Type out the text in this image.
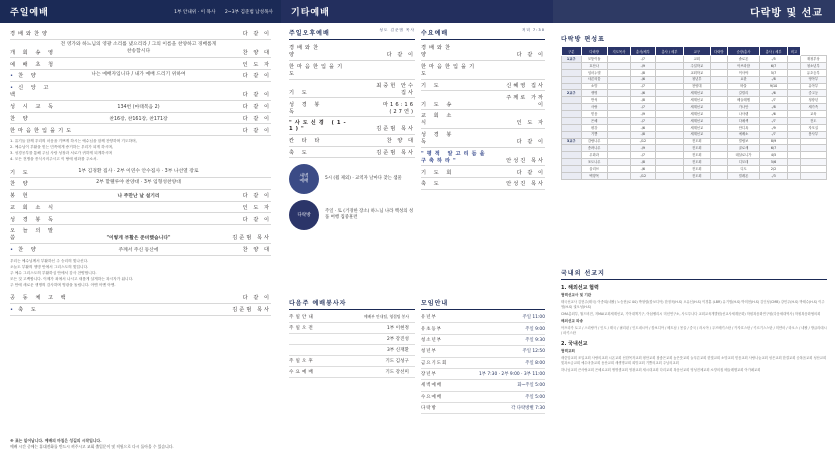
주일예배	1부 안내위 · 이 목사 2~3부 김준범 남성목사
경배와찬양	다 같 이
개 회 송 영
전 영가와 하느님의 영광 소리를 냈으리라 / 그의 이름을 찬양하고 경배롭게 찬송합시다	찬 양 대
예 배 초 청	인 도 자
• 찬 양	나는 예배자입니다 / 내가 예배 드리기 위하여	다 같 이
• 신 앙 고 백	다 같 이
성 시 교 독	134번 (마태복음 2)	다 같 이
찬 양	찬16장, 찬161장, 찬171장	다 같 이
한마음한입을기도	다 같 이
1. 유기들 함께 우리의 마음을 기쁘게 하시는 예수님을 함께 찬양하며 기도하며,
2. 예수님이 부활을 믿는 민족에게 증거하는 우리가 되게 하시며,
3. 성경공부를 통해 주님 사랑 성장과 서로가 귀하게 되게하시며
4. 모든 전쟁을 종식시켜주시고 이 땅에 평화를 주소서.
기 도	1부 김경환 집사 · 2부 이연수 안수집사 · 3부 나선열 장로
찬 양	2부 할렐루야 찬양대 · 3부 임형성찬양대
봉 헌	나 주만난 날 설기리	다 같 이
교 회 소 식	인 도 자
성 경 봉 독	다 같 이
오 늘 의 말 씀	"이렇게 부활은 준비했습니다"	김준범 목사
• 찬 양	주께서 주신 동산에	찬 양 대
우리는 예수님께서 부활하신 주 승리의 빛나신다.
오늘도 부활의 생명 안에서 그리스도의 빛입니다.
주 예수 그리스도의 부활하심 안에서 감사 찬양합니다.
모든 것 고백합니다. 이제가 죄에서 나시고 새롭게 살게하는 복시자가 됩니다.
주 안에 새로운 생명의 감사하며 영광을 돌립니다. 아멘 아멘 아멘.
공 동 체 고 백	다 같 이
• 축 도	김준범 목사
※ 표는 일어납니다. 예배의 마침은 성길의 시작입니다.
예배 시간 중에는 휴대전화를 반드시 꺼주시고 교회 출입문이 및 직원으로 다시 돌아올 수 있습니다.
기타예배
주일오후예배	성도 김준범 목사
경배와찬양	다 같 이
한마음한입을기도
기 도
최중헌 안수집사
성 경 봉 독
마16:16 (27연)
"사도신경 (1-1)"	김준범 목사
칸 타 타	찬 양 대
축 도	김준범 목사
새벽
예배
5시 (월 제외) · 교역자 날마다 찾는 샘물
다락방
주일 · 토 (거경한 장소) 하느님 나라 백성의 성품 여행 집중훈련
수요예배	저녁 7:30
경배와찬양	다 같 이
한마음한입을기도
기 도	신혜영 집사
기 도 송
주께로 가까이
교 회 소 식	인 도 자
성 경 봉 독	다 같 이
"평적 알고리듬을 구축하라"	안성진 목사
기 도 회	다 같 이
축 도	안성진 목사
다음주 예배봉사자
주일안내	예배부 안내팀, 영접팀 봉사
주일오전	1부 이현정
2부 강진성
3부 신재환
주일오후	기도 김성구
수요예배	기도 강선미
모임안내
유년부	주일 11:00
유초등부	주일 9:00
청소년부	주일 9:30
청년부	주일 12:50
금요기도회	주일 8:00
장년부	1부 7:30 · 2부 9:00 · 3부 11:00
세벽예배	화~주일 5:00
수요예배	주일 5:00
다락방	각 다락방별 7:30
다락방 및 선교
다락방 편성표
구분	다락방	지도목사	총사/세부	총사 / 세부	교구	다락방	순장/총사	총사 / 세부	비고	
1교구	모퉁이돌		-/7		교회		솔로몬	-/5		재청부상
	호산나		-/9		주일학교		아브라함	6/7		청소년부
	임마누엘		-/8		교회학교		이사야	5/7		유초등부
	샤론의꽃		-/6		청년부		요한	-/8		영아부
	소망		-/7		찬양대		바울	9/10		유아부
2교구	생명		-/6		세계선교		갈릴리	-/6		중고등
	반석		-/8		세계선교		베들레헴	-/7		청장년
	사랑		-/7		세계선교		가나안	-/8		새가족
	믿음		-/9		세계선교		나사렛	-/6		교육
	은혜		-/7		세계선교		다메섹	-/7		전도
	평강		-/6		세계선교		안디옥	-/9		자모실
	기쁨		-/8		세계선교		에베소	-/7		봉사부
3교구	감람나무		-/12		전도회		빌립보	8/9		
	종려나무		-/9		전도회		골로새	6/7		
	무화과		-/7		전도회		데살로니가	4/5		
	포도나무		-/8		전도회		디모데	5/6		
	올리브		-/6		전도회		디도	2/2		
	백향목		-/12		전도회		빌레몬	-/3		
국내외 선교지
1. 해외선교 협력

협력선교사 및 기관

태국선교사 김현주(태국) 아종희(네팔) 노승현(로 00) 박형렬(캄보디아) 한정욱(H.S) 오유신(H.S) 이경훈 (LBR) 유기범(H.S) 박미현(H.S) 김인성(CMB) 강민주(H.S) 박태수(H.S) 이주영(H.S) 권오성(H.S)

CMA총회부, 월드비전, 저MAI교회세계선교, 기아대책기구, 아삽벨리시 미션연구소, 사도투나다 교회교육개발원(선교사세계문화) 학원복음화연구원(다음세대역사) 학원복음화협의회

해외선교 파송

아프리카 토고 / 스리랑카 / 인도 / 태국 / 필리핀 / 인도네시아 / 캄보디아 / 베트남 / 몽골 / 중국 / 러시아 / 우즈베키스탄 / 카자흐스탄 / 키르기스스탄 / 미얀마 / 라오스 / 네팔 / 방글라데시 / 파키스탄

2. 국내선교

협력교회

새중앙교회 조일교회 사랑의교회 시온교회 선한목자교회 평안교회 참좋은교회 높은뜻교회 늘푸른교회 한빛교회 소망교회 믿음교회 사랑나눔교회 성은교회 한결교회 순복음교회 성산교회 빛과소금교회 예수마을교회 동산교회 새생명교회 희망교회 기쁨의교회 주님의교회

하나님교회 큰사랑교회 은혜로교회 생명샘교회 영광교회 새시대교회 다리교회 복음선교회 영성전체교회 소망의집 베들레헴교회 아가페교회
